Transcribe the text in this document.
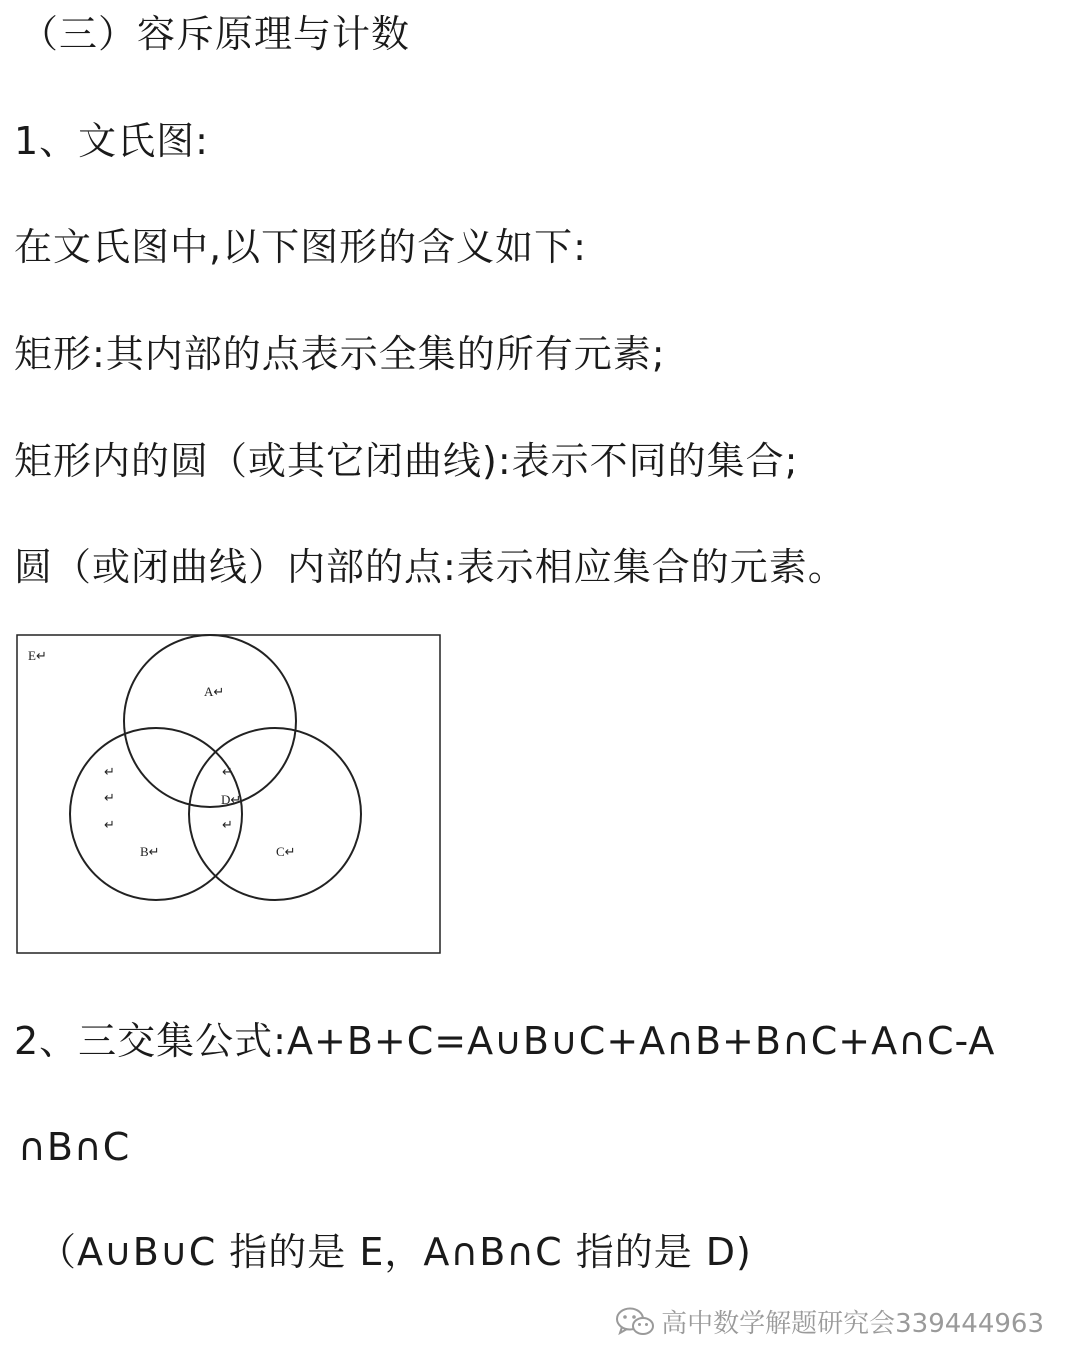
（三）容斥原理与计数
1、文氏图:
在文氏图中,以下图形的含义如下:
矩形:其内部的点表示全集的所有元素;
矩形内的圆（或其它闭曲线):表示不同的集合;
圆（或闭曲线）内部的点:表示相应集合的元素。
E↵
A↵
B↵	C↵
D↵
↵
↵
↵
↵
↵
2、三交集公式:A+B+C=A∪B∪C+A∩B+B∩C+A∩C-A
∩B∩C
（A∪B∪C 指的是 E，A∩B∩C 指的是 D)
高中数学解题研究会339444963
